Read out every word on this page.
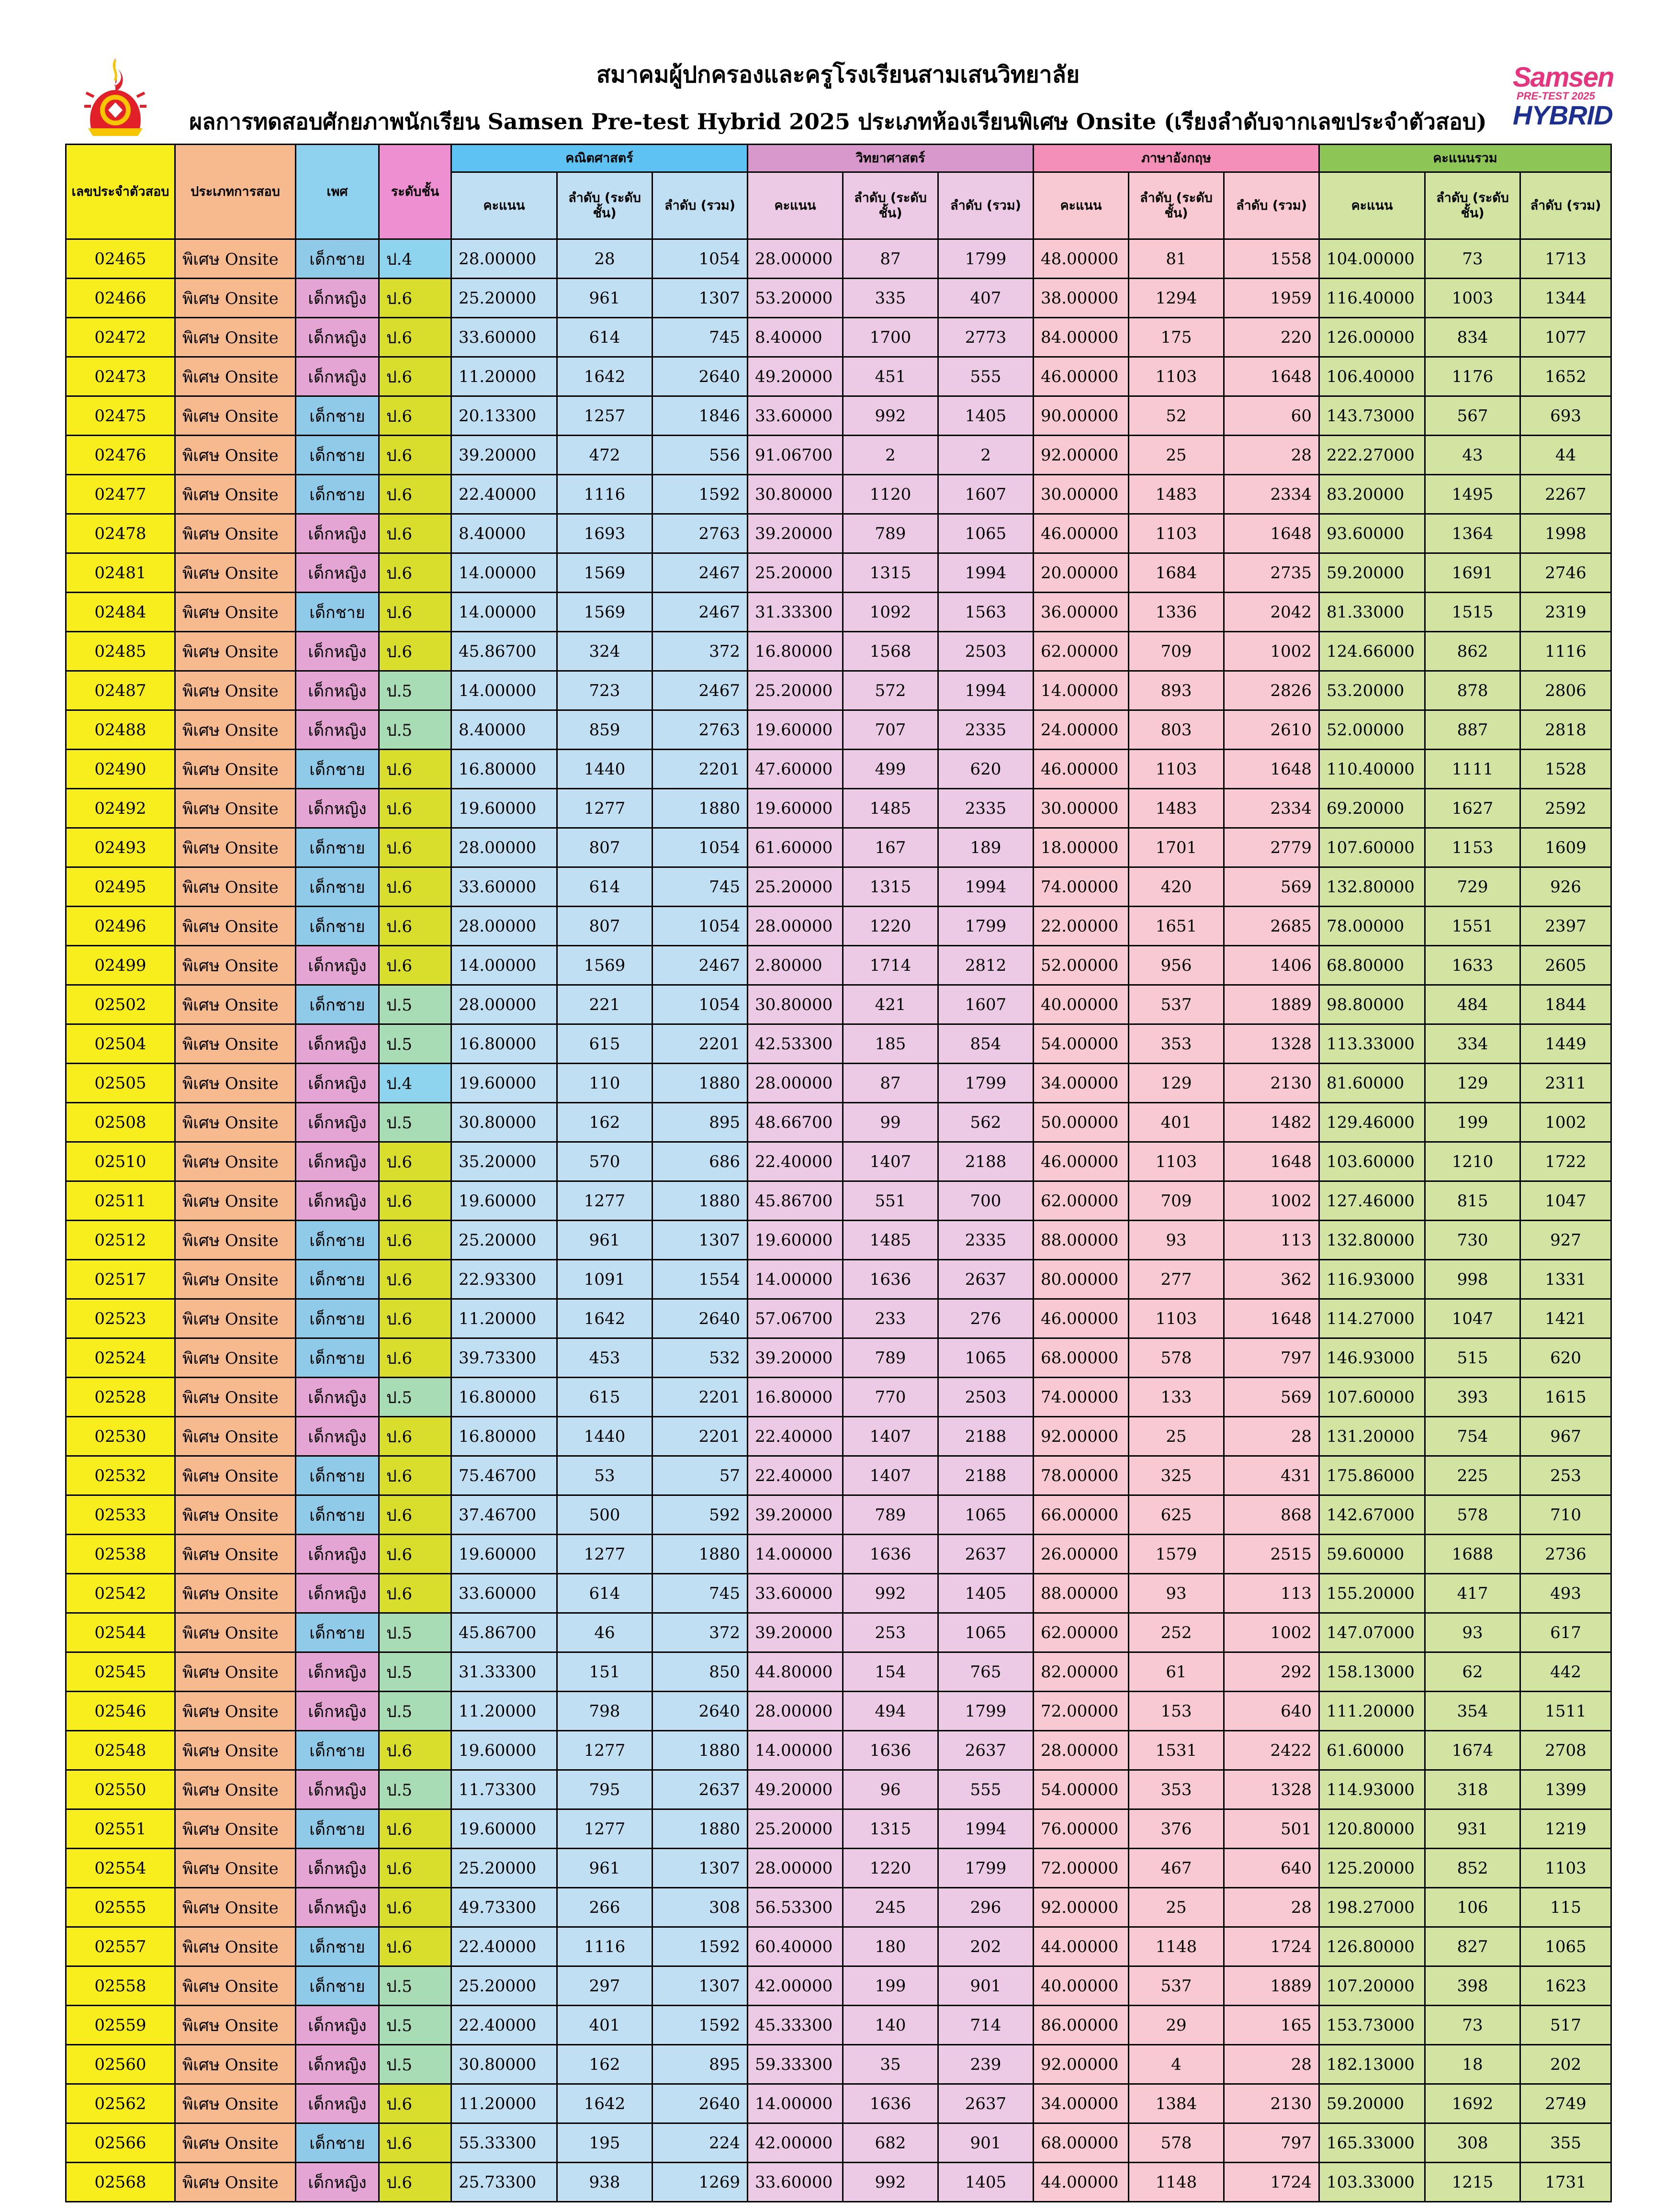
สมาคมผู้ปกครองและครูโรงเรียนสามเสนวิทยาลัย
ผลการทดสอบศักยภาพนักเรียน Samsen Pre-test Hybrid 2025 ประเภทห้องเรียนพิเศษ Onsite (เรียงลำดับจากเลขประจำตัวสอบ)
Samsen
PRE-TEST 2025
HYBRID
เลขประจำตัวสอบ	ประเภทการสอบ	เพศ	ระดับชั้น	คณิตศาสตร์			วิทยาศาสตร์			ภาษาอังกฤษ			คะแนนรวม		
				คะแนน	ลำดับ (ระดับชั้น)	ลำดับ (รวม)	คะแนน	ลำดับ (ระดับชั้น)	ลำดับ (รวม)	คะแนน	ลำดับ (ระดับชั้น)	ลำดับ (รวม)	คะแนน	ลำดับ (ระดับชั้น)	ลำดับ (รวม)
02465	พิเศษ Onsite	เด็กชาย	ป.4	28.00000	28	1054	28.00000	87	1799	48.00000	81	1558	104.00000	73	1713
02466	พิเศษ Onsite	เด็กหญิง	ป.6	25.20000	961	1307	53.20000	335	407	38.00000	1294	1959	116.40000	1003	1344
02472	พิเศษ Onsite	เด็กหญิง	ป.6	33.60000	614	745	8.40000	1700	2773	84.00000	175	220	126.00000	834	1077
02473	พิเศษ Onsite	เด็กหญิง	ป.6	11.20000	1642	2640	49.20000	451	555	46.00000	1103	1648	106.40000	1176	1652
02475	พิเศษ Onsite	เด็กชาย	ป.6	20.13300	1257	1846	33.60000	992	1405	90.00000	52	60	143.73000	567	693
02476	พิเศษ Onsite	เด็กชาย	ป.6	39.20000	472	556	91.06700	2	2	92.00000	25	28	222.27000	43	44
02477	พิเศษ Onsite	เด็กชาย	ป.6	22.40000	1116	1592	30.80000	1120	1607	30.00000	1483	2334	83.20000	1495	2267
02478	พิเศษ Onsite	เด็กหญิง	ป.6	8.40000	1693	2763	39.20000	789	1065	46.00000	1103	1648	93.60000	1364	1998
02481	พิเศษ Onsite	เด็กหญิง	ป.6	14.00000	1569	2467	25.20000	1315	1994	20.00000	1684	2735	59.20000	1691	2746
02484	พิเศษ Onsite	เด็กชาย	ป.6	14.00000	1569	2467	31.33300	1092	1563	36.00000	1336	2042	81.33000	1515	2319
02485	พิเศษ Onsite	เด็กหญิง	ป.6	45.86700	324	372	16.80000	1568	2503	62.00000	709	1002	124.66000	862	1116
02487	พิเศษ Onsite	เด็กหญิง	ป.5	14.00000	723	2467	25.20000	572	1994	14.00000	893	2826	53.20000	878	2806
02488	พิเศษ Onsite	เด็กหญิง	ป.5	8.40000	859	2763	19.60000	707	2335	24.00000	803	2610	52.00000	887	2818
02490	พิเศษ Onsite	เด็กชาย	ป.6	16.80000	1440	2201	47.60000	499	620	46.00000	1103	1648	110.40000	1111	1528
02492	พิเศษ Onsite	เด็กหญิง	ป.6	19.60000	1277	1880	19.60000	1485	2335	30.00000	1483	2334	69.20000	1627	2592
02493	พิเศษ Onsite	เด็กชาย	ป.6	28.00000	807	1054	61.60000	167	189	18.00000	1701	2779	107.60000	1153	1609
02495	พิเศษ Onsite	เด็กชาย	ป.6	33.60000	614	745	25.20000	1315	1994	74.00000	420	569	132.80000	729	926
02496	พิเศษ Onsite	เด็กชาย	ป.6	28.00000	807	1054	28.00000	1220	1799	22.00000	1651	2685	78.00000	1551	2397
02499	พิเศษ Onsite	เด็กหญิง	ป.6	14.00000	1569	2467	2.80000	1714	2812	52.00000	956	1406	68.80000	1633	2605
02502	พิเศษ Onsite	เด็กชาย	ป.5	28.00000	221	1054	30.80000	421	1607	40.00000	537	1889	98.80000	484	1844
02504	พิเศษ Onsite	เด็กหญิง	ป.5	16.80000	615	2201	42.53300	185	854	54.00000	353	1328	113.33000	334	1449
02505	พิเศษ Onsite	เด็กหญิง	ป.4	19.60000	110	1880	28.00000	87	1799	34.00000	129	2130	81.60000	129	2311
02508	พิเศษ Onsite	เด็กหญิง	ป.5	30.80000	162	895	48.66700	99	562	50.00000	401	1482	129.46000	199	1002
02510	พิเศษ Onsite	เด็กหญิง	ป.6	35.20000	570	686	22.40000	1407	2188	46.00000	1103	1648	103.60000	1210	1722
02511	พิเศษ Onsite	เด็กหญิง	ป.6	19.60000	1277	1880	45.86700	551	700	62.00000	709	1002	127.46000	815	1047
02512	พิเศษ Onsite	เด็กชาย	ป.6	25.20000	961	1307	19.60000	1485	2335	88.00000	93	113	132.80000	730	927
02517	พิเศษ Onsite	เด็กชาย	ป.6	22.93300	1091	1554	14.00000	1636	2637	80.00000	277	362	116.93000	998	1331
02523	พิเศษ Onsite	เด็กชาย	ป.6	11.20000	1642	2640	57.06700	233	276	46.00000	1103	1648	114.27000	1047	1421
02524	พิเศษ Onsite	เด็กชาย	ป.6	39.73300	453	532	39.20000	789	1065	68.00000	578	797	146.93000	515	620
02528	พิเศษ Onsite	เด็กหญิง	ป.5	16.80000	615	2201	16.80000	770	2503	74.00000	133	569	107.60000	393	1615
02530	พิเศษ Onsite	เด็กหญิง	ป.6	16.80000	1440	2201	22.40000	1407	2188	92.00000	25	28	131.20000	754	967
02532	พิเศษ Onsite	เด็กชาย	ป.6	75.46700	53	57	22.40000	1407	2188	78.00000	325	431	175.86000	225	253
02533	พิเศษ Onsite	เด็กชาย	ป.6	37.46700	500	592	39.20000	789	1065	66.00000	625	868	142.67000	578	710
02538	พิเศษ Onsite	เด็กหญิง	ป.6	19.60000	1277	1880	14.00000	1636	2637	26.00000	1579	2515	59.60000	1688	2736
02542	พิเศษ Onsite	เด็กหญิง	ป.6	33.60000	614	745	33.60000	992	1405	88.00000	93	113	155.20000	417	493
02544	พิเศษ Onsite	เด็กชาย	ป.5	45.86700	46	372	39.20000	253	1065	62.00000	252	1002	147.07000	93	617
02545	พิเศษ Onsite	เด็กหญิง	ป.5	31.33300	151	850	44.80000	154	765	82.00000	61	292	158.13000	62	442
02546	พิเศษ Onsite	เด็กหญิง	ป.5	11.20000	798	2640	28.00000	494	1799	72.00000	153	640	111.20000	354	1511
02548	พิเศษ Onsite	เด็กชาย	ป.6	19.60000	1277	1880	14.00000	1636	2637	28.00000	1531	2422	61.60000	1674	2708
02550	พิเศษ Onsite	เด็กหญิง	ป.5	11.73300	795	2637	49.20000	96	555	54.00000	353	1328	114.93000	318	1399
02551	พิเศษ Onsite	เด็กชาย	ป.6	19.60000	1277	1880	25.20000	1315	1994	76.00000	376	501	120.80000	931	1219
02554	พิเศษ Onsite	เด็กหญิง	ป.6	25.20000	961	1307	28.00000	1220	1799	72.00000	467	640	125.20000	852	1103
02555	พิเศษ Onsite	เด็กหญิง	ป.6	49.73300	266	308	56.53300	245	296	92.00000	25	28	198.27000	106	115
02557	พิเศษ Onsite	เด็กชาย	ป.6	22.40000	1116	1592	60.40000	180	202	44.00000	1148	1724	126.80000	827	1065
02558	พิเศษ Onsite	เด็กชาย	ป.5	25.20000	297	1307	42.00000	199	901	40.00000	537	1889	107.20000	398	1623
02559	พิเศษ Onsite	เด็กหญิง	ป.5	22.40000	401	1592	45.33300	140	714	86.00000	29	165	153.73000	73	517
02560	พิเศษ Onsite	เด็กหญิง	ป.5	30.80000	162	895	59.33300	35	239	92.00000	4	28	182.13000	18	202
02562	พิเศษ Onsite	เด็กหญิง	ป.6	11.20000	1642	2640	14.00000	1636	2637	34.00000	1384	2130	59.20000	1692	2749
02566	พิเศษ Onsite	เด็กชาย	ป.6	55.33300	195	224	42.00000	682	901	68.00000	578	797	165.33000	308	355
02568	พิเศษ Onsite	เด็กหญิง	ป.6	25.73300	938	1269	33.60000	992	1405	44.00000	1148	1724	103.33000	1215	1731
